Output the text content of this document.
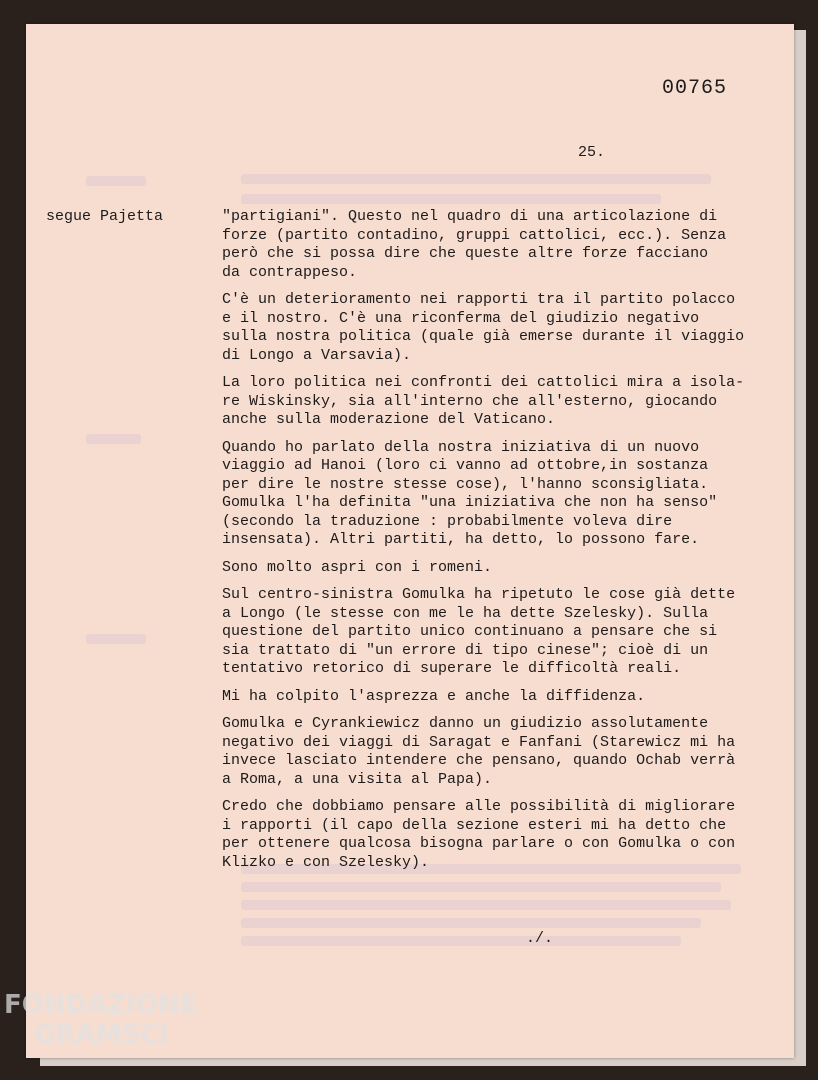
00765
25.
segue Pajetta	"partigiani". Questo nel quadro di una articolazione di
forze (partito contadino, gruppi cattolici, ecc.). Senza
però che si possa dire che queste altre forze facciano
da contrappeso.
C'è un deterioramento nei rapporti tra il partito polacco
e il nostro. C'è una riconferma del giudizio negativo
sulla nostra politica (quale già emerse durante il viaggio
di Longo a Varsavia).
La loro politica nei confronti dei cattolici mira a isola-
re Wiskinsky, sia all'interno che all'esterno, giocando
anche sulla moderazione del Vaticano.
Quando ho parlato della nostra iniziativa di un nuovo
viaggio ad Hanoi (loro ci vanno ad ottobre,in sostanza
per dire le nostre stesse cose), l'hanno sconsigliata.
Gomulka l'ha definita "una iniziativa che non ha senso"
(secondo la traduzione : probabilmente voleva dire
insensata). Altri partiti, ha detto, lo possono fare.
Sono molto aspri con i romeni.
Sul centro-sinistra Gomulka ha ripetuto le cose già dette
a Longo (le stesse con me le ha dette Szelesky). Sulla
questione del partito unico continuano a pensare che si
sia trattato di "un errore di tipo cinese"; cioè di un
tentativo retorico di superare le difficoltà reali.
Mi ha colpito l'asprezza e anche la diffidenza.
Gomulka e Cyrankiewicz danno un giudizio assolutamente
negativo dei viaggi di Saragat e Fanfani (Starewicz mi ha
invece lasciato intendere che pensano, quando Ochab verrà
a Roma, a una visita al Papa).
Credo che dobbiamo pensare alle possibilità di migliorare
i rapporti (il capo della sezione esteri mi ha detto che
per ottenere qualcosa bisogna parlare o con Gomulka o con
Klizko e con Szelesky).
./.
FONDAZIONE
GRAMSCI
